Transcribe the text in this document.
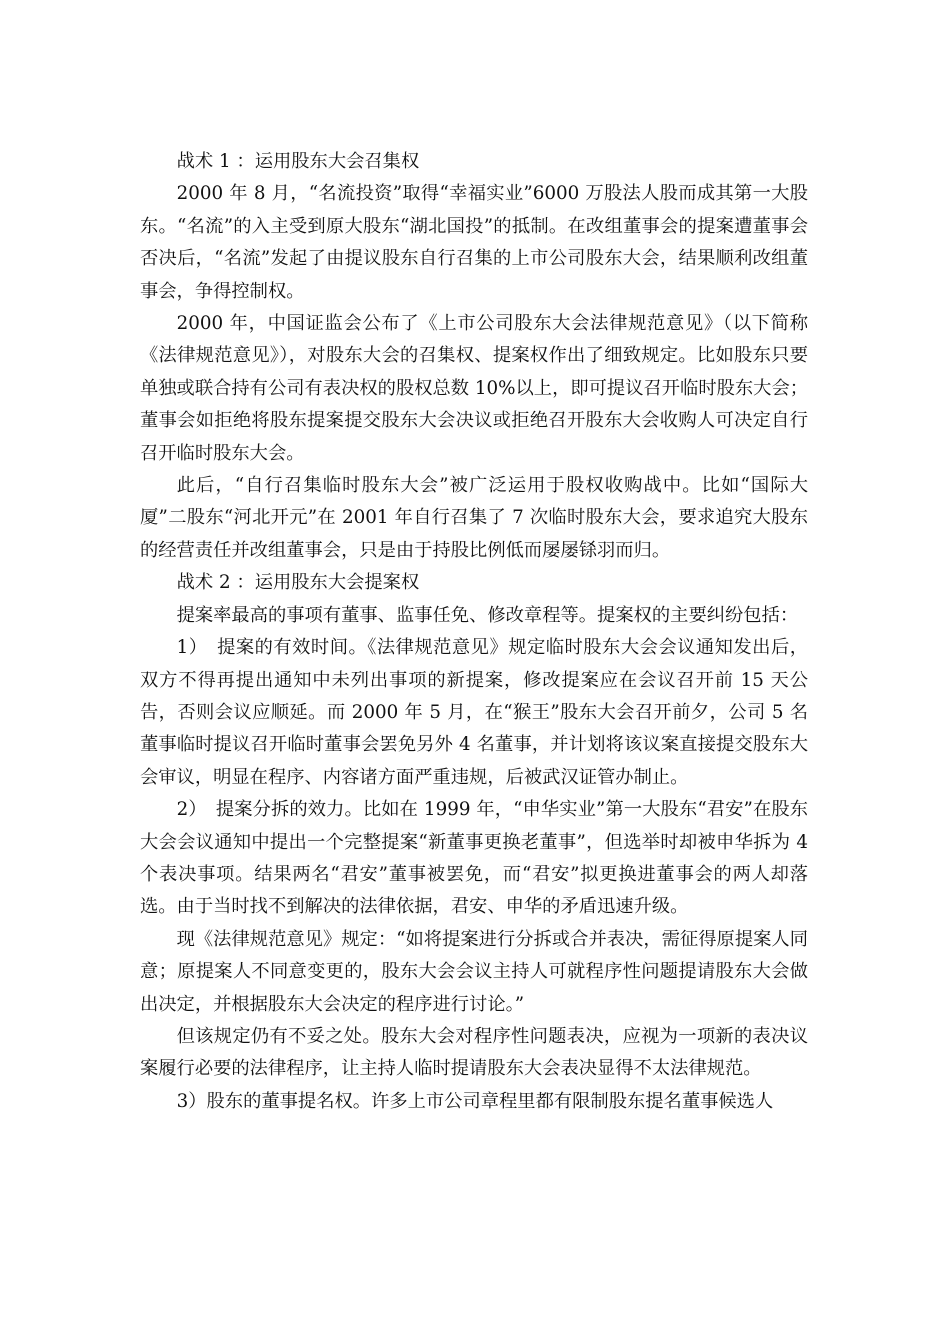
战术 1 ：运用股东大会召集权

2000 年 8 月，“名流投资”取得“幸福实业”6000 万股法人股而成其第一大股东。“名流”的入主受到原大股东“湖北国投”的抵制。在改组董事会的提案遭董事会否决后，“名流”发起了由提议股东自行召集的上市公司股东大会，结果顺利改组董事会，争得控制权。

2000 年，中国证监会公布了《上市公司股东大会法律规范意见》（以下简称《法律规范意见》），对股东大会的召集权、提案权作出了细致规定。比如股东只要单独或联合持有公司有表决权的股权总数 10%以上，即可提议召开临时股东大会；董事会如拒绝将股东提案提交股东大会决议或拒绝召开股东大会收购人可决定自行召开临时股东大会。

此后，“自行召集临时股东大会”被广泛运用于股权收购战中。比如“国际大厦”二股东“河北开元”在 2001 年自行召集了 7 次临时股东大会，要求追究大股东的经营责任并改组董事会，只是由于持股比例低而屡屡铩羽而归。

战术 2 ：运用股东大会提案权

提案率最高的事项有董事、监事任免、修改章程等。提案权的主要纠纷包括：

1）　提案的有效时间。《法律规范意见》规定临时股东大会会议通知发出后，双方不得再提出通知中未列出事项的新提案，修改提案应在会议召开前 15 天公告，否则会议应顺延。而 2000 年 5 月，在“猴王”股东大会召开前夕，公司 5 名董事临时提议召开临时董事会罢免另外 4 名董事，并计划将该议案直接提交股东大会审议，明显在程序、内容诸方面严重违规，后被武汉证管办制止。

2）　提案分拆的效力。比如在 1999 年，“申华实业”第一大股东“君安”在股东大会会议通知中提出一个完整提案“新董事更换老董事”，但选举时却被申华拆为 4 个表决事项。结果两名“君安”董事被罢免，而“君安”拟更换进董事会的两人却落选。由于当时找不到解决的法律依据，君安、申华的矛盾迅速升级。

现《法律规范意见》规定：“如将提案进行分拆或合并表决，需征得原提案人同意；原提案人不同意变更的，股东大会会议主持人可就程序性问题提请股东大会做出决定，并根据股东大会决定的程序进行讨论。”

但该规定仍有不妥之处。股东大会对程序性问题表决，应视为一项新的表决议案履行必要的法律程序，让主持人临时提请股东大会表决显得不太法律规范。

3）股东的董事提名权。许多上市公司章程里都有限制股东提名董事候选人
